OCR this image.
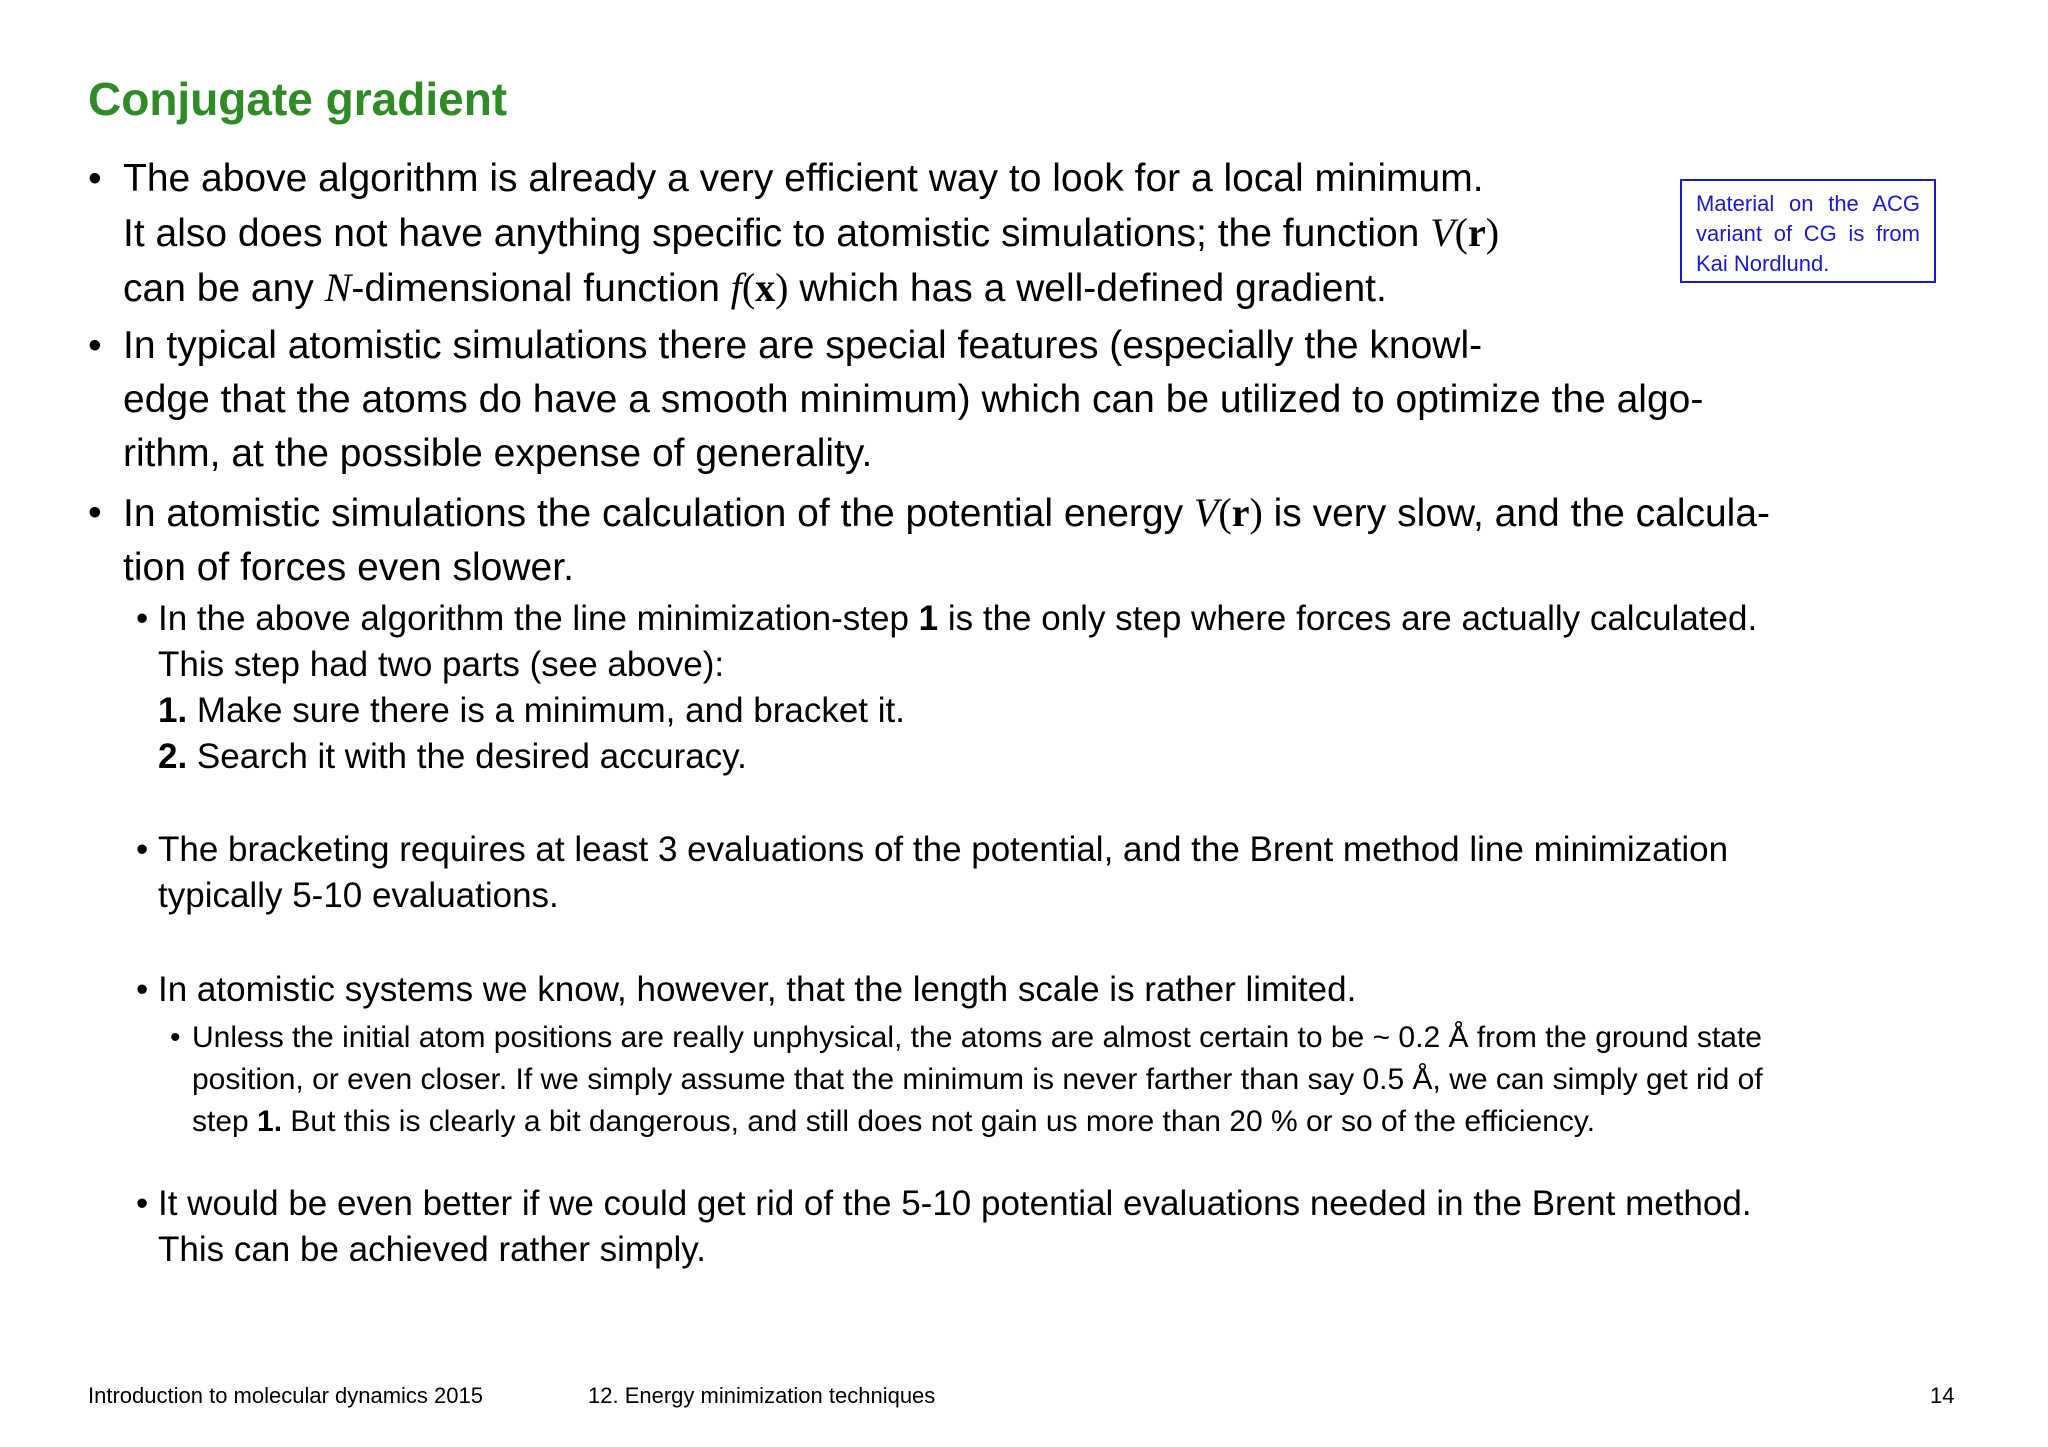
Conjugate gradient
Material on the ACG
variant of CG is from
Kai Nordlund.
• The above algorithm is already a very efficient way to look for a local minimum.
It also does not have anything specific to atomistic simulations; the function V(r)
can be any N-dimensional function f(x) which has a well-defined gradient.
• In typical atomistic simulations there are special features (especially the knowl-
edge that the atoms do have a smooth minimum) which can be utilized to optimize the algo-
rithm, at the possible expense of generality.
• In atomistic simulations the calculation of the potential energy V(r) is very slow, and the calcula-
tion of forces even slower.
• In the above algorithm the line minimization-step 1 is the only step where forces are actually calculated.
This step had two parts (see above):
1. Make sure there is a minimum, and bracket it.
2. Search it with the desired accuracy.
• The bracketing requires at least 3 evaluations of the potential, and the Brent method line minimization
typically 5-10 evaluations.
• In atomistic systems we know, however, that the length scale is rather limited.
• Unless the initial atom positions are really unphysical, the atoms are almost certain to be ~ 0.2 Å from the ground state
position, or even closer. If we simply assume that the minimum is never farther than say 0.5 Å, we can simply get rid of
step 1. But this is clearly a bit dangerous, and still does not gain us more than 20 % or so of the efficiency.
• It would be even better if we could get rid of the 5-10 potential evaluations needed in the Brent method.
This can be achieved rather simply.
Introduction to molecular dynamics 2015	12. Energy minimization techniques	14
